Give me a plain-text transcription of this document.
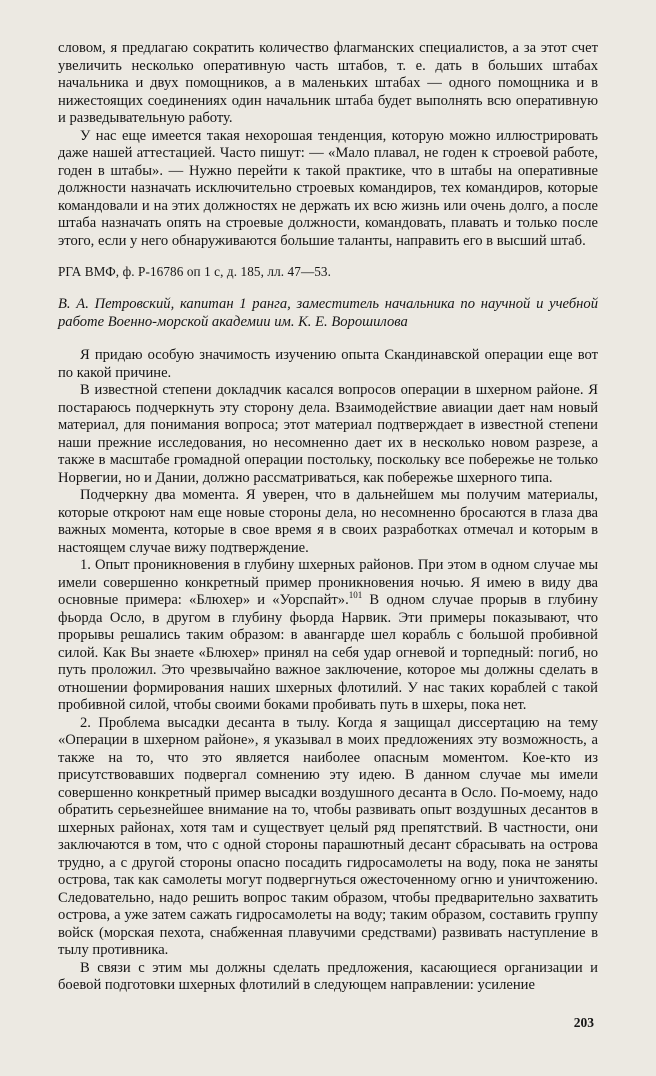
словом, я предлагаю сократить количество флагманских специалистов, а за этот счет увеличить несколько оперативную часть штабов, т. е. дать в больших штабах начальника и двух помощников, а в маленьких штабах — одного помощника и в нижестоящих соединениях один начальник штаба будет выполнять всю оперативную и разведывательную работу.

У нас еще имеется такая нехорошая тенденция, которую можно иллюстрировать даже нашей аттестацией. Часто пишут: — «Мало плавал, не годен к строевой работе, годен в штабы». — Нужно перейти к такой практике, что в штабы на оперативные должности назначать исключительно строевых командиров, тех командиров, которые командовали и на этих должностях не держать их всю жизнь или очень долго, а после штаба назначать опять на строевые должности, командовать, плавать и только после этого, если у него обнаруживаются большие таланты, направить его в высший штаб.

РГА ВМФ, ф. Р-16786 оп 1 с, д. 185, лл. 47—53.

В. А. Петровский, капитан 1 ранга, заместитель начальника по научной и учебной работе Военно-морской академии им. К. Е. Ворошилова

Я придаю особую значимость изучению опыта Скандинавской операции еще вот по какой причине.

В известной степени докладчик касался вопросов операции в шхерном районе. Я постараюсь подчеркнуть эту сторону дела. Взаимодействие авиации дает нам новый материал, для понимания вопроса; этот материал подтверждает в известной степени наши прежние исследования, но несомненно дает их в несколько новом разрезе, а также в масштабе громадной операции постольку, поскольку все побережье не только Норвегии, но и Дании, должно рассматриваться, как побережье шхерного типа.

Подчеркну два момента. Я уверен, что в дальнейшем мы получим материалы, которые откроют нам еще новые стороны дела, но несомненно бросаются в глаза два важных момента, которые в свое время я в своих разработках отмечал и которым в настоящем случае вижу подтверждение.

1. Опыт проникновения в глубину шхерных районов. При этом в одном случае мы имели совершенно конкретный пример проникновения ночью. Я имею в виду два основные примера: «Блюхер» и «Уорспайт».$^{101}$ В одном случае прорыв в глубину фьорда Осло, в другом в глубину фьорда Нарвик. Эти примеры показывают, что прорывы решались таким образом: в авангарде шел корабль с большой пробивной силой. Как Вы знаете «Блюхер» принял на себя удар огневой и торпедный: погиб, но путь проложил. Это чрезвычайно важное заключение, которое мы должны сделать в отношении формирования наших шхерных флотилий. У нас таких кораблей с такой пробивной силой, чтобы своими боками пробивать путь в шхеры, пока нет.

2. Проблема высадки десанта в тылу. Когда я защищал диссертацию на тему «Операции в шхерном районе», я указывал в моих предложениях эту возможность, а также на то, что это является наиболее опасным моментом. Кое-кто из присутствовавших подвергал сомнению эту идею. В данном случае мы имели совершенно конкретный пример высадки воздушного десанта в Осло. По-моему, надо обратить серьезнейшее внимание на то, чтобы развивать опыт воздушных десантов в шхерных районах, хотя там и существует целый ряд препятствий. В частности, они заключаются в том, что с одной стороны парашютный десант сбрасывать на острова трудно, а с другой стороны опасно посадить гидросамолеты на воду, пока не заняты острова, так как самолеты могут подвергнуться ожесточенному огню и уничтожению. Следовательно, надо решить вопрос таким образом, чтобы предварительно захватить острова, а уже затем сажать гидросамолеты на воду; таким образом, составить группу войск (морская пехота, снабженная плавучими средствами) развивать наступление в тылу противника.

В связи с этим мы должны сделать предложения, касающиеся организации и боевой подготовки шхерных флотилий в следующем направлении: усиление

203
